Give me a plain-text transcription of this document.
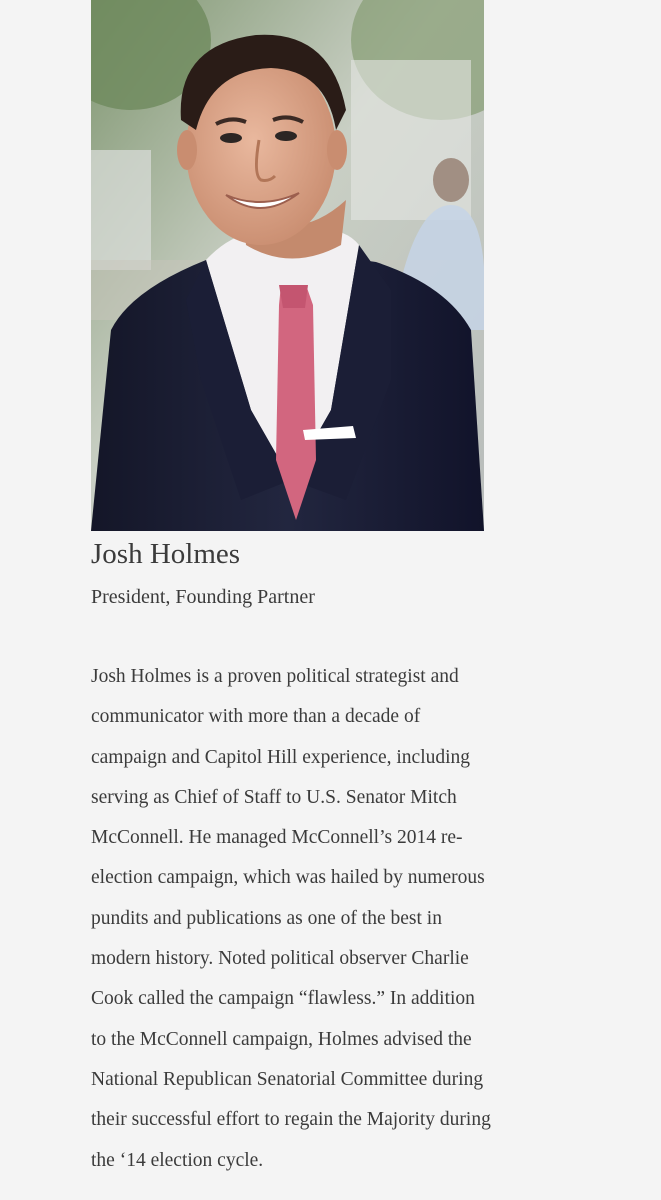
Josh Holmes

President, Founding Partner

Josh Holmes is a proven political strategist and
communicator with more than a decade of
campaign and Capitol Hill experience, including
serving as Chief of Staff to U.S. Senator Mitch
McConnell. He managed McConnell’s 2014 re-
election campaign, which was hailed by numerous
pundits and publications as one of the best in
modern history. Noted political observer Charlie
Cook called the campaign “flawless.” In addition
to the McConnell campaign, Holmes advised the
National Republican Senatorial Committee during
their successful effort to regain the Majority during
the ‘14 election cycle.
